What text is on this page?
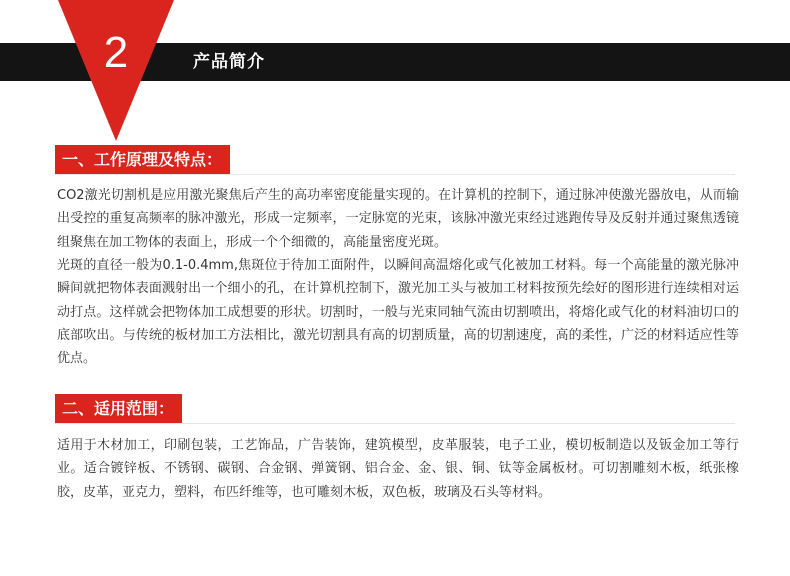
2	产品简介
一、工作原理及特点：

CO2激光切割机是应用激光聚焦后产生的高功率密度能量实现的。在计算机的控制下，通过脉冲使激光器放电，从而输出受控的重复高频率的脉冲激光，形成一定频率，一定脉宽的光束，该脉冲激光束经过逃跑传导及反射并通过聚焦透镜组聚焦在加工物体的表面上，形成一个个细微的，高能量密度光斑。

光斑的直径一般为0.1-0.4mm,焦斑位于待加工面附件，以瞬间高温熔化或气化被加工材料。每一个高能量的激光脉冲瞬间就把物体表面溅射出一个细小的孔，在计算机控制下，激光加工头与被加工材料按预先绘好的图形进行连续相对运动打点。这样就会把物体加工成想要的形状。切割时，一般与光束同轴气流由切割喷出，将熔化或气化的材料油切口的底部吹出。与传统的板材加工方法相比，激光切割具有高的切割质量，高的切割速度，高的柔性，广泛的材料适应性等优点。

二、适用范围：

适用于木材加工，印刷包装，工艺饰品，广告装饰，建筑模型，皮革服装，电子工业，模切板制造以及钣金加工等行业。适合镀锌板、不锈钢、碳钢、合金钢、弹簧钢、铝合金、金、银、铜、钛等金属板材。可切割雕刻木板，纸张橡胶，皮革，亚克力，塑料，布匹纤维等，也可雕刻木板，双色板，玻璃及石头等材料。
